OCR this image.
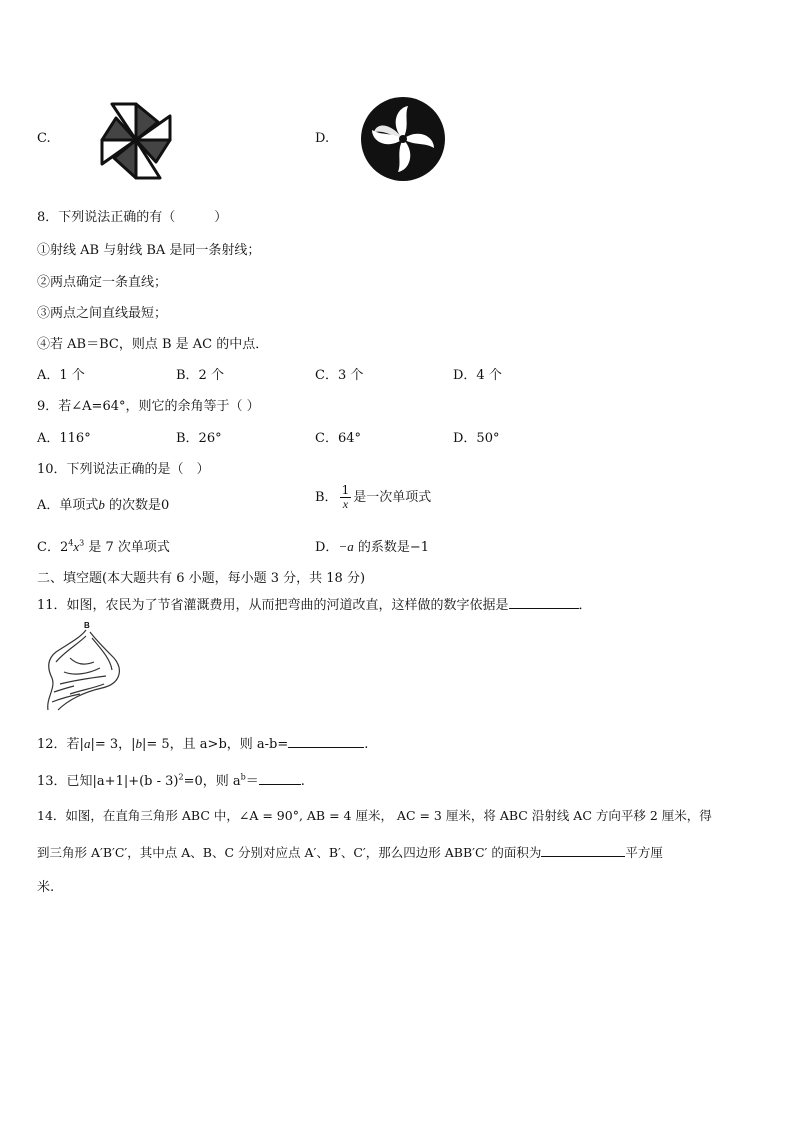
C.	D.
8．下列说法正确的有（　　　）
①射线 AB 与射线 BA 是同一条射线；
②两点确定一条直线；
③两点之间直线最短；
④若 AB＝BC，则点 B 是 AC 的中点．
A．1 个	B．2 个	C．3 个	D．4 个
9．若∠A=64°，则它的余角等于（ ）
A．116°	B．26°	C．64°	D．50°
10．下列说法正确的是（　）
A．单项式b 的次数是0
B． $\frac{1}{x}$ 是一次单项式
C．$2^4x^3$ 是 7 次单项式	D．−a 的系数是−1
二、填空题(本大题共有 6 小题，每小题 3 分，共 18 分)
11．如图，农民为了节省灌溉费用，从而把弯曲的河道改直，这样做的数字依据是	．
B
12．若|a|= 3，|b|= 5，且 a>b，则 a-b=	.
13．已知|a+1|+(b - 3)$^2$=0，则 $a^b=$	.
14．如图，在直角三角形 ABC 中，∠A = 90°, AB = 4 厘米， AC = 3 厘米，将 ABC 沿射线 AC 方向平移 2 厘米，得
到三角形 A′B′C′，其中点 A、B、C 分别对应点 A′、B′、C′，那么四边形 ABB′C′ 的面积为	平方厘
米.
